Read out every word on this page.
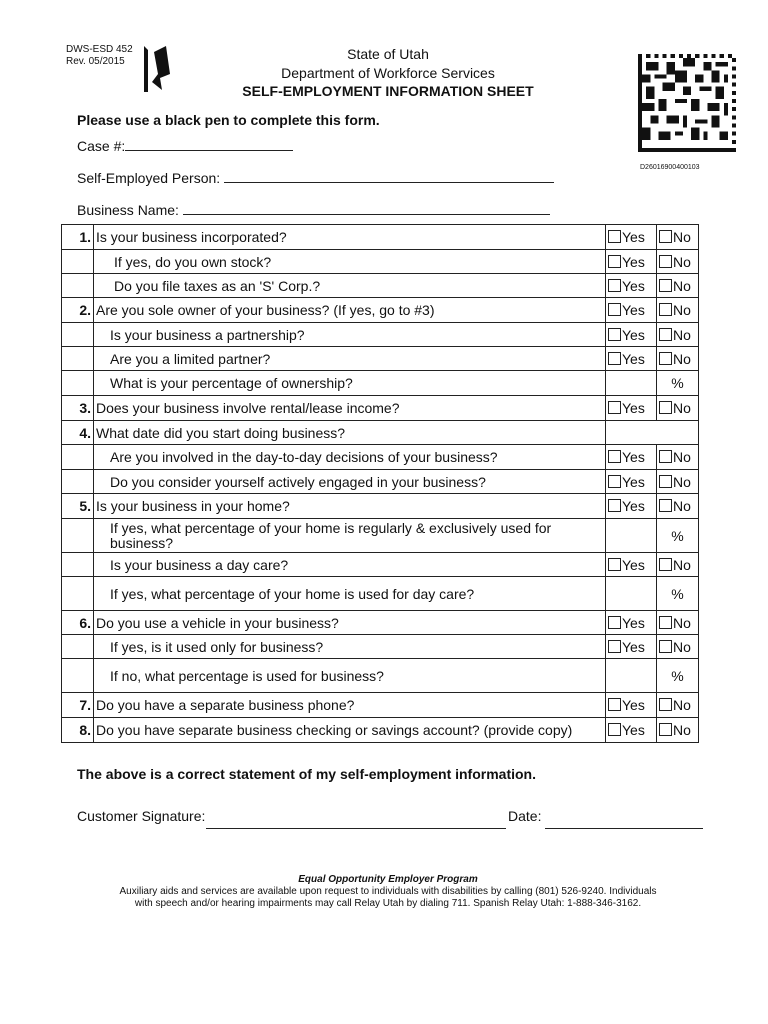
DWS-ESD 452
Rev. 05/2015	State of Utah
Department of Workforce Services
SELF-EMPLOYMENT INFORMATION SHEET
D26016900400103
Please use a black pen to complete this form.
Case #:
Self-Employed Person:
Business Name:
1.	Is your business incorporated?	Yes	No
	If yes, do you own stock?	Yes	No
	Do you file taxes as an 'S' Corp.?	Yes	No
2.	Are you sole owner of your business? (If yes, go to #3)	Yes	No
	Is your business a partnership?	Yes	No
	Are you a limited partner?	Yes	No
	What is your percentage of ownership?		%
3.	Does your business involve rental/lease income?	Yes	No
4.	What date did you start doing business?		
	Are you involved in the day-to-day decisions of your business?	Yes	No
	Do you consider yourself actively engaged in your business?	Yes	No
5.	Is your business in your home?	Yes	No
	If yes, what percentage of your home is regularly & exclusively used for business?		%
	Is your business a day care?	Yes	No
	If yes, what percentage of your home is used for day care?		%
6.	Do you use a vehicle in your business?	Yes	No
	If yes, is it used only for business?	Yes	No
	If no, what percentage is used for business?		%
7.	Do you have a separate business phone?	Yes	No
8.	Do you have separate business checking or savings account? (provide copy)	Yes	No
The above is a correct statement of my self-employment information.
Customer Signature:	Date:
Equal Opportunity Employer Program
Auxiliary aids and services are available upon request to individuals with disabilities by calling (801) 526-9240. Individuals
with speech and/or hearing impairments may call Relay Utah by dialing 711. Spanish Relay Utah: 1-888-346-3162.
